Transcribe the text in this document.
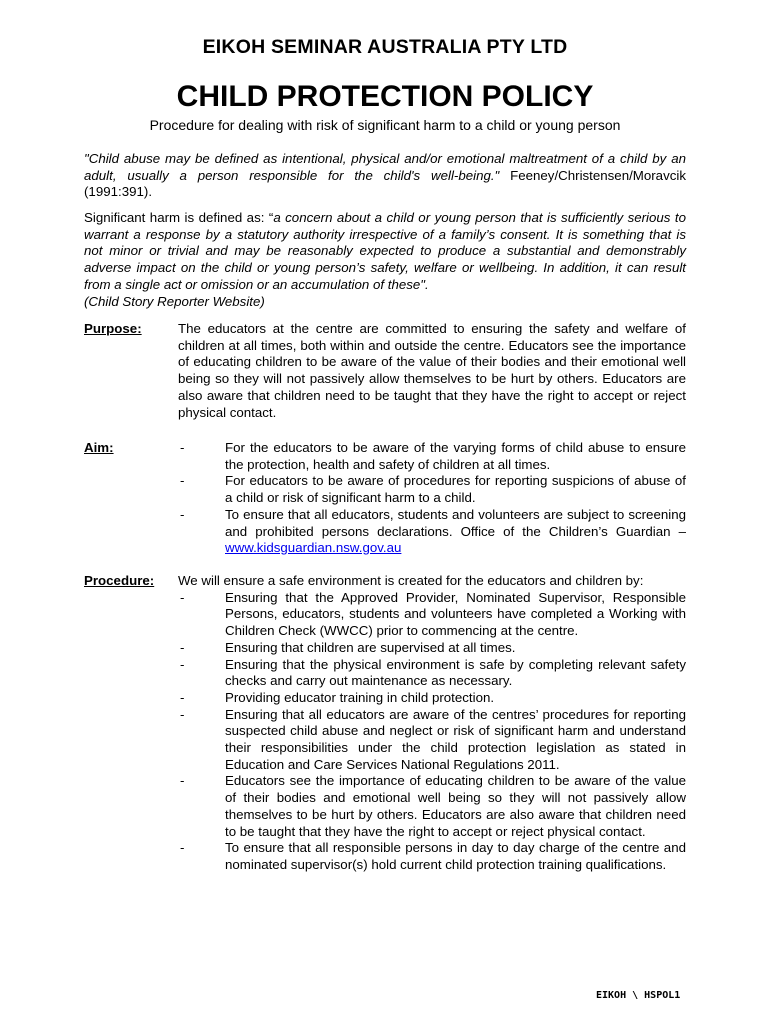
EIKOH SEMINAR AUSTRALIA PTY LTD
CHILD PROTECTION POLICY
Procedure for dealing with risk of significant harm to a child or young person
"Child abuse may be defined as intentional, physical and/or emotional maltreatment of a child by an adult, usually a person responsible for the child's well-being." Feeney/Christensen/Moravcik (1991:391).
Significant harm is defined as: “a concern about a child or young person that is sufficiently serious to warrant a response by a statutory authority irrespective of a family’s consent. It is something that is not minor or trivial and may be reasonably expected to produce a substantial and demonstrably adverse impact on the child or young person’s safety, welfare or wellbeing. In addition, it can result from a single act or omission or an accumulation of these".
(Child Story Reporter Website)
Purpose:	The educators at the centre are committed to ensuring the safety and welfare of children at all times, both within and outside the centre. Educators see the importance of educating children to be aware of the value of their bodies and their emotional well being so they will not passively allow themselves to be hurt by others. Educators are also aware that children need to be taught that they have the right to accept or reject physical contact.
Aim:	-	For the educators to be aware of the varying forms of child abuse to ensure the protection, health and safety of children at all times.
-	For educators to be aware of procedures for reporting suspicions of abuse of a child or risk of significant harm to a child.
-	To ensure that all educators, students and volunteers are subject to screening and prohibited persons declarations. Office of the Children’s Guardian – www.kidsguardian.nsw.gov.au
Procedure: We will ensure a safe environment is created for the educators and children by:
-	Ensuring that the Approved Provider, Nominated Supervisor, Responsible Persons, educators, students and volunteers have completed a Working with Children Check (WWCC) prior to commencing at the centre.
-	Ensuring that children are supervised at all times.
-	Ensuring that the physical environment is safe by completing relevant safety checks and carry out maintenance as necessary.
-	Providing educator training in child protection.
-	Ensuring that all educators are aware of the centres’ procedures for reporting suspected child abuse and neglect or risk of significant harm and understand their responsibilities under the child protection legislation as stated in Education and Care Services National Regulations 2011.
-	Educators see the importance of educating children to be aware of the value of their bodies and emotional well being so they will not passively allow themselves to be hurt by others. Educators are also aware that children need to be taught that they have the right to accept or reject physical contact.
-	To ensure that all responsible persons in day to day charge of the centre and nominated supervisor(s) hold current child protection training qualifications.
EIKOH \ HSPOL1
